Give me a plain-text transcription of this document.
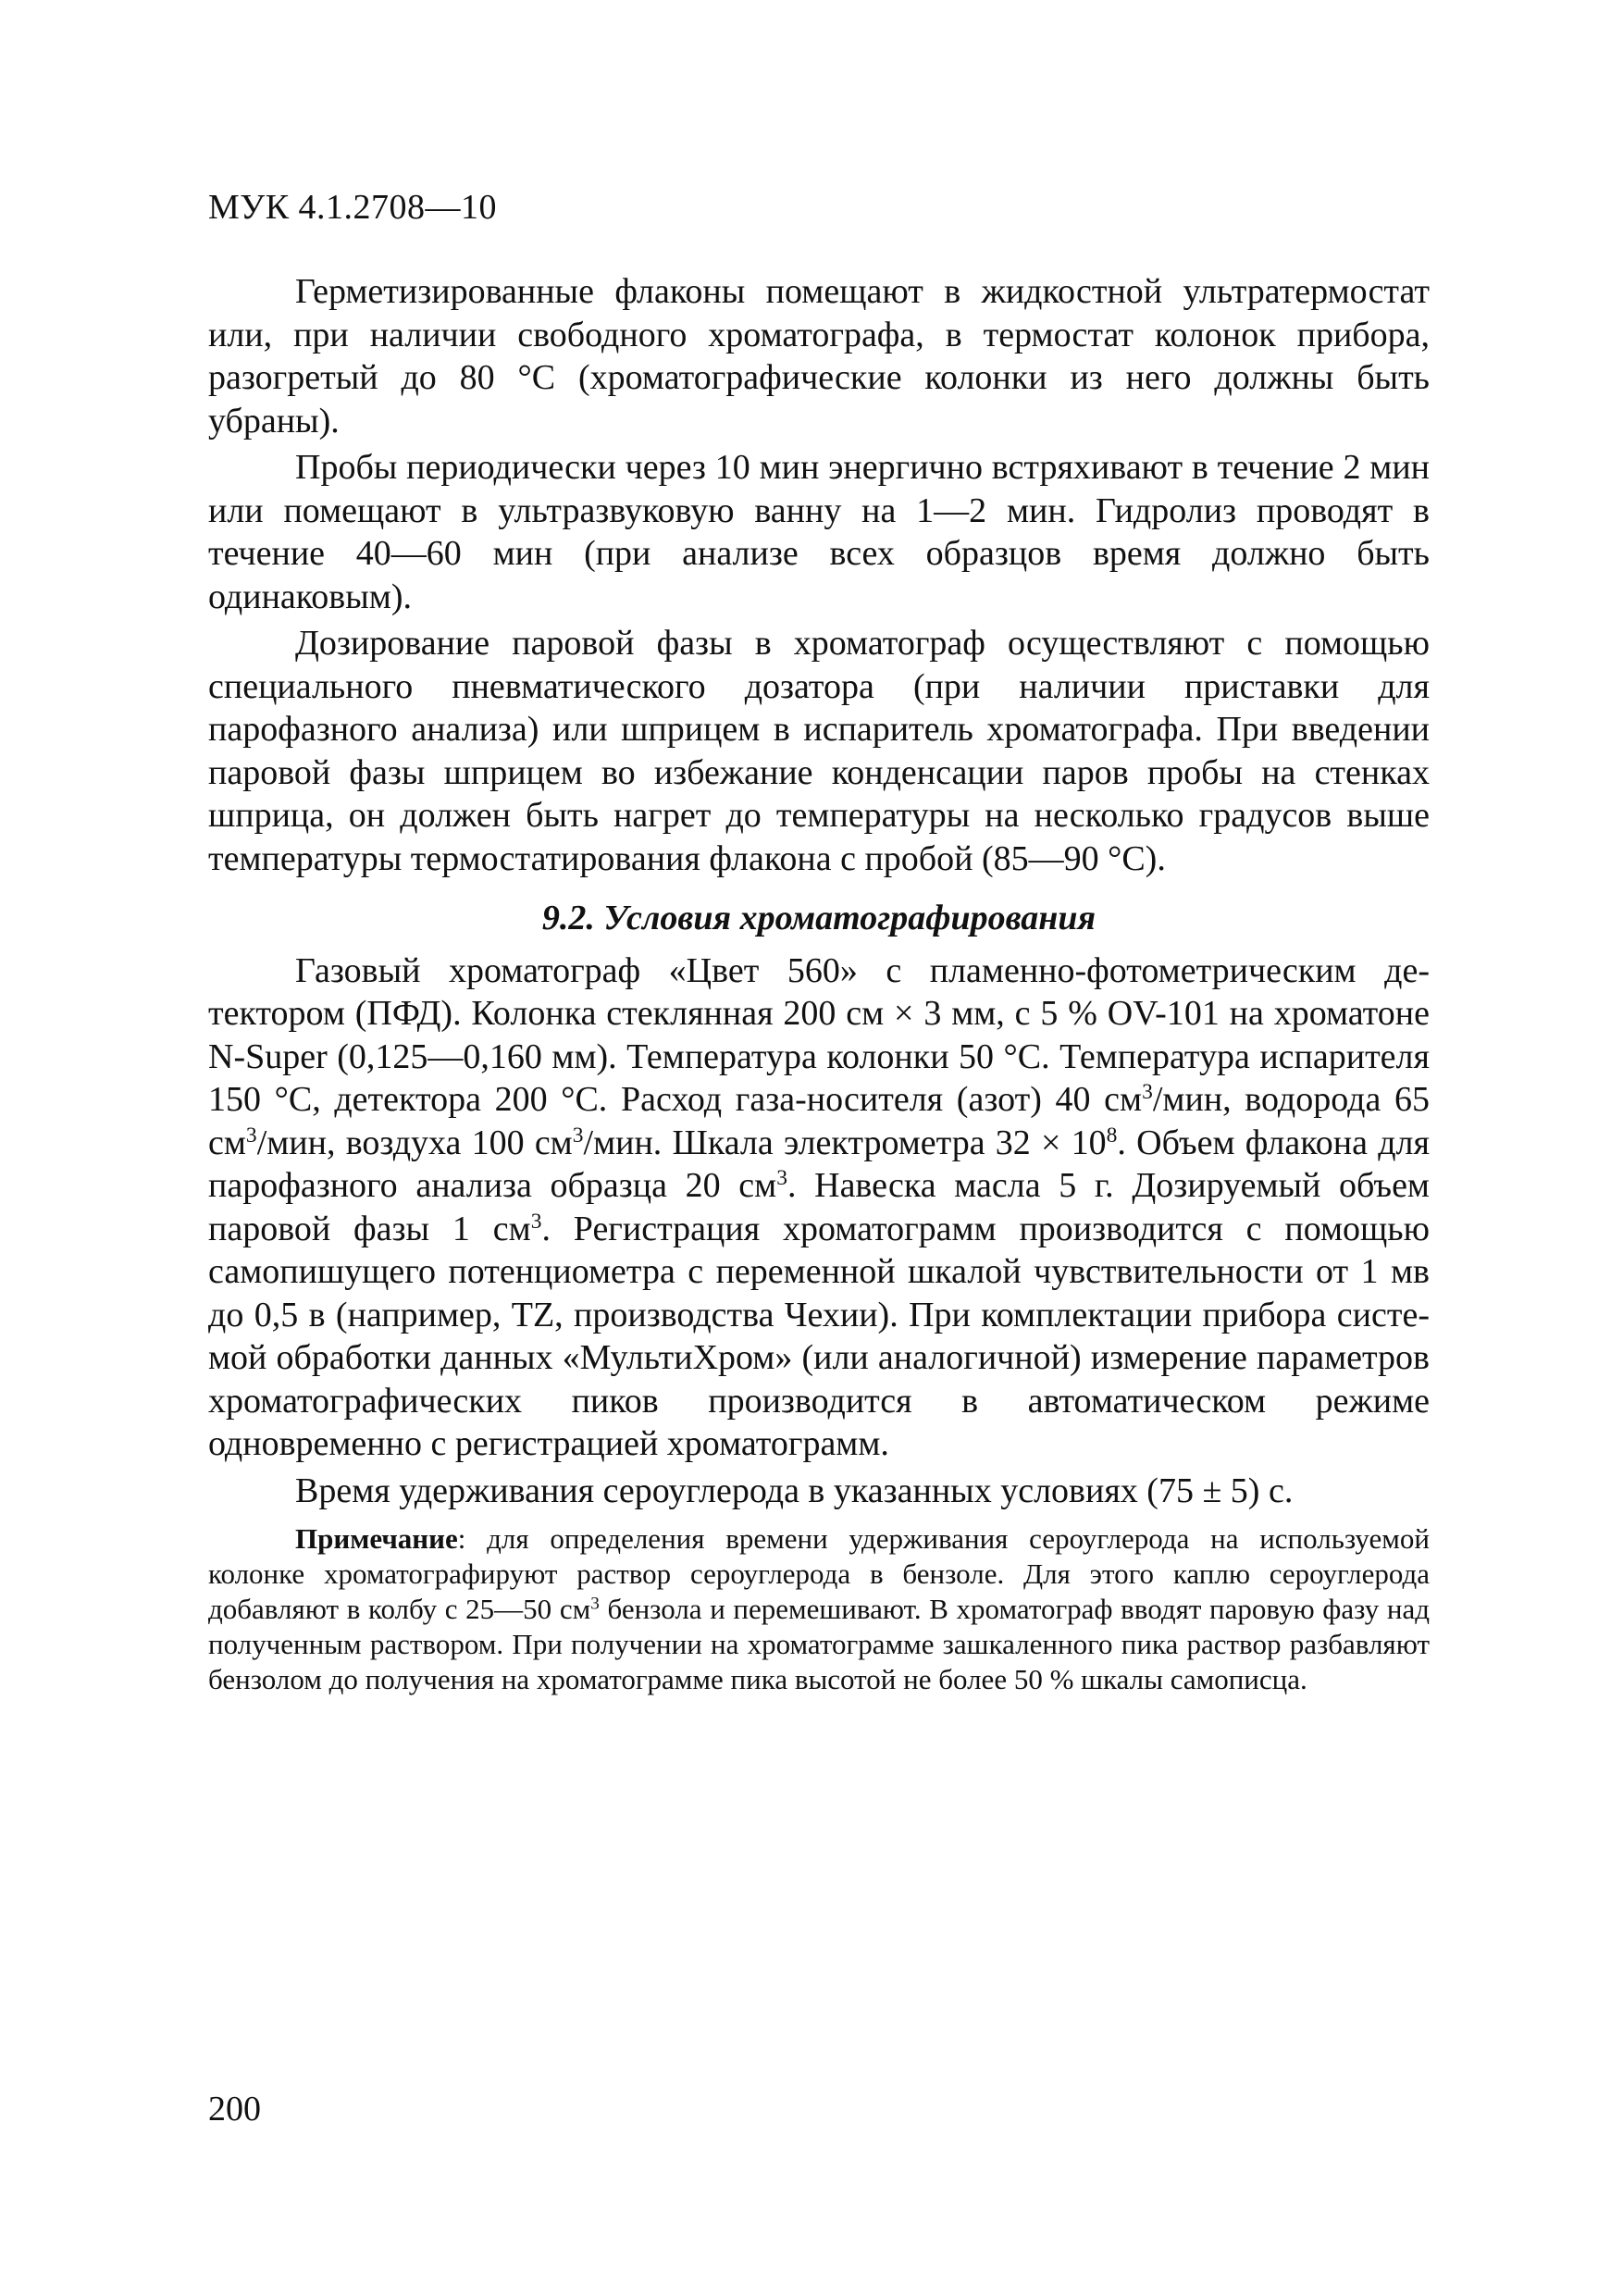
МУК 4.1.2708—10

Герметизированные флаконы помещают в жидкостной ультратермостат или, при наличии свободного хроматографа, в термостат колонок прибора, разогретый до 80 °С (хроматографические колонки из него должны быть убраны).

Пробы периодически через 10 мин энергично встряхивают в течение 2 мин или помещают в ультразвуковую ванну на 1—2 мин. Гидролиз проводят в течение 40—60 мин (при анализе всех образцов время должно быть одинаковым).

Дозирование паровой фазы в хроматограф осуществляют с помощью специального пневматического дозатора (при наличии приставки для парофазного анализа) или шприцем в испаритель хроматографа. При введении паровой фазы шприцем во избежание конденсации паров пробы на стенках шприца, он должен быть нагрет до температуры на несколько градусов выше температуры термостатирования флакона с пробой (85—90 °С).

9.2. Условия хроматографирования

Газовый хроматограф «Цвет 560» с пламенно-фотометрическим детектором (ПФД). Колонка стеклянная 200 см × 3 мм, с 5 % OV-101 на хроматоне N-Super (0,125—0,160 мм). Температура колонки 50 °С. Температура испарителя 150 °С, детектора 200 °С. Расход газа-носителя (азот) 40 $см^3$/мин, водорода 65 $см^3$/мин, воздуха 100 $см^3$/мин. Шкала электрометра $32 \times 10^8$. Объем флакона для парофазного анализа образца 20 $см^3$. Навеска масла 5 г. Дозируемый объем паровой фазы 1 $см^3$. Регистрация хроматограмм производится с помощью самопишущего потенциометра с переменной шкалой чувствительности от 1 мв до 0,5 в (например, TZ, производства Чехии). При комплектации прибора системой обработки данных «МультиХром» (или аналогичной) измерение параметров хроматографических пиков производится в автоматическом режиме одновременно с регистрацией хроматограмм.

Время удерживания сероуглерода в указанных условиях (75 ± 5) с.

Примечание: для определения времени удерживания сероуглерода на используемой колонке хроматографируют раствор сероуглерода в бензоле. Для этого каплю сероуглерода добавляют в колбу с 25—50 $см^3$ бензола и перемешивают. В хроматограф вводят паровую фазу над полученным раствором. При получении на хроматограмме зашкаленного пика раствор разбавляют бензолом до получения на хроматограмме пика высотой не более 50 % шкалы самописца.

200
